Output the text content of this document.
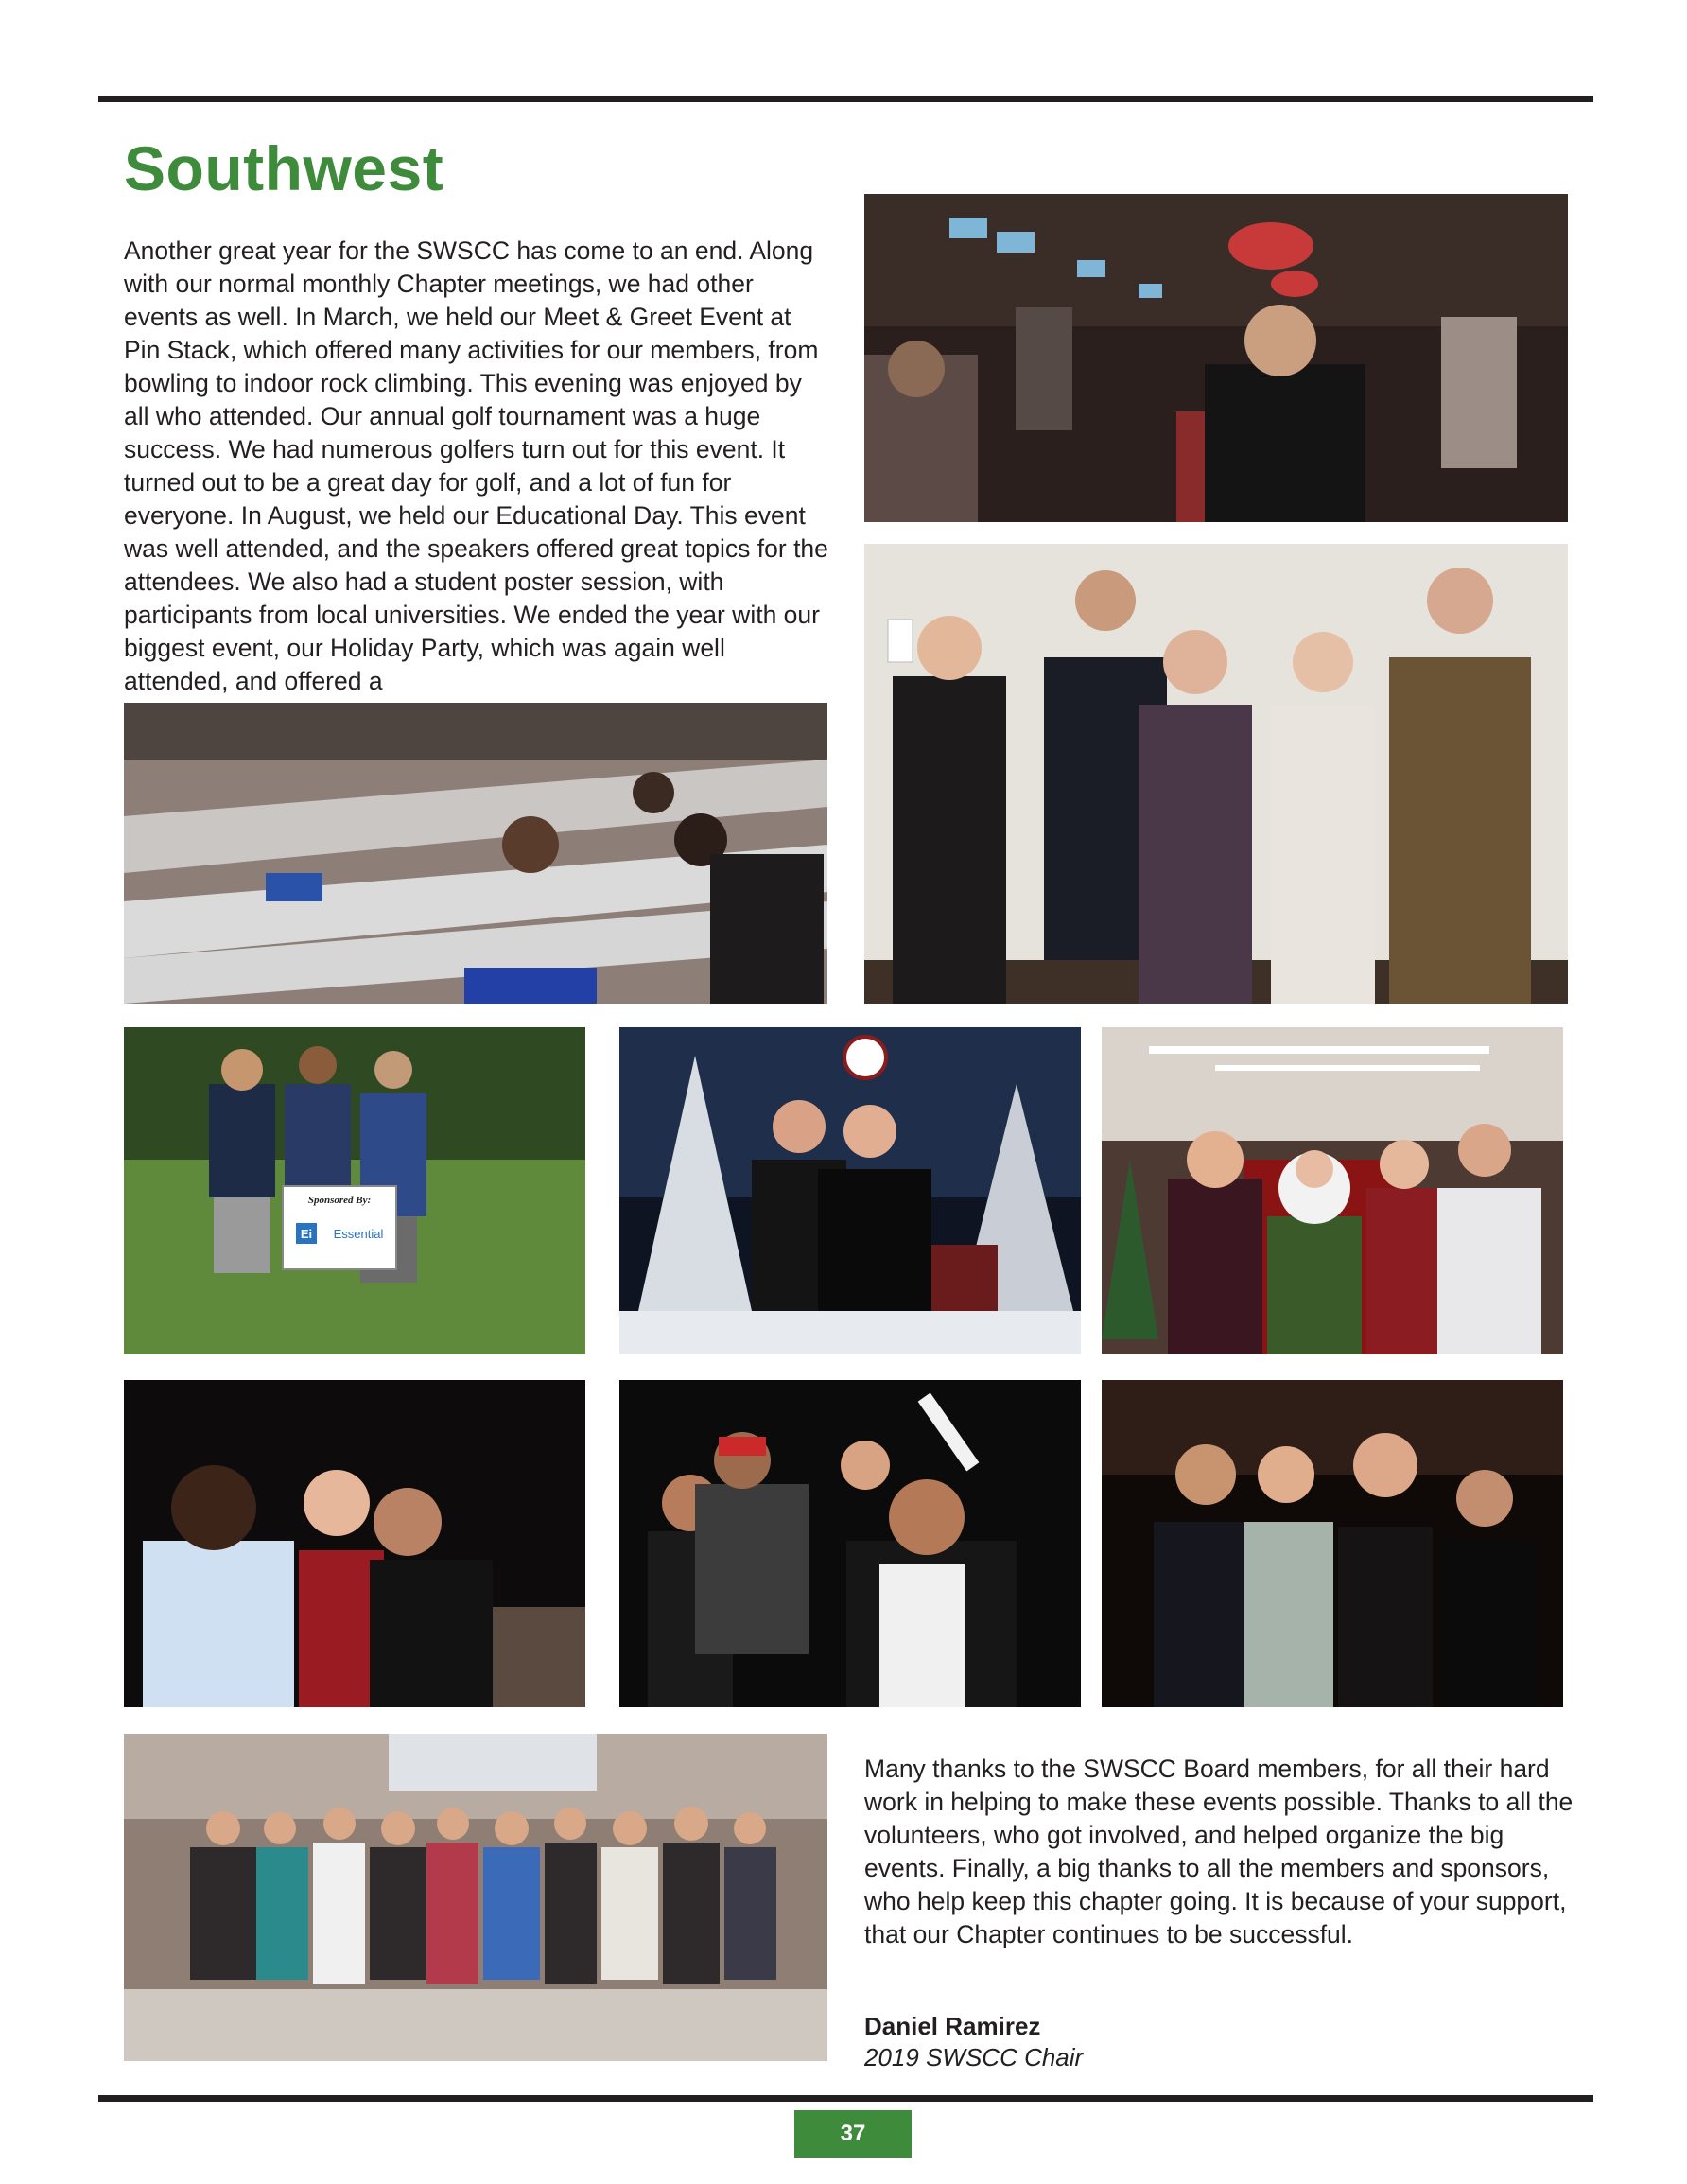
Southwest

Another great year for the SWSCC has come to an end. Along with our normal monthly Chapter meetings, we had other events as well. In March, we held our Meet & Greet Event at Pin Stack, which offered many activities for our members, from bowling to indoor rock climbing. This evening was enjoyed by all who attended. Our annual golf tournament was a huge success. We had numerous golfers turn out for this event. It turned out to be a great day for golf, and a lot of fun for everyone. In August, we held our Educational Day. This event was well attended, and the speakers offered great topics for the attendees. We also had a student poster session, with participants from local universities. We ended the year with our biggest event, our Holiday Party, which was again well attended, and offered a

Ei
Sponsored By:
Essential

Many thanks to the SWSCC Board members, for all their hard work in helping to make these events possible. Thanks to all the volunteers, who got involved, and helped organize the big events. Finally, a big thanks to all the members and sponsors, who help keep this chapter going. It is because of your support, that our Chapter continues to be successful.

Daniel Ramirez
2019 SWSCC Chair
37
